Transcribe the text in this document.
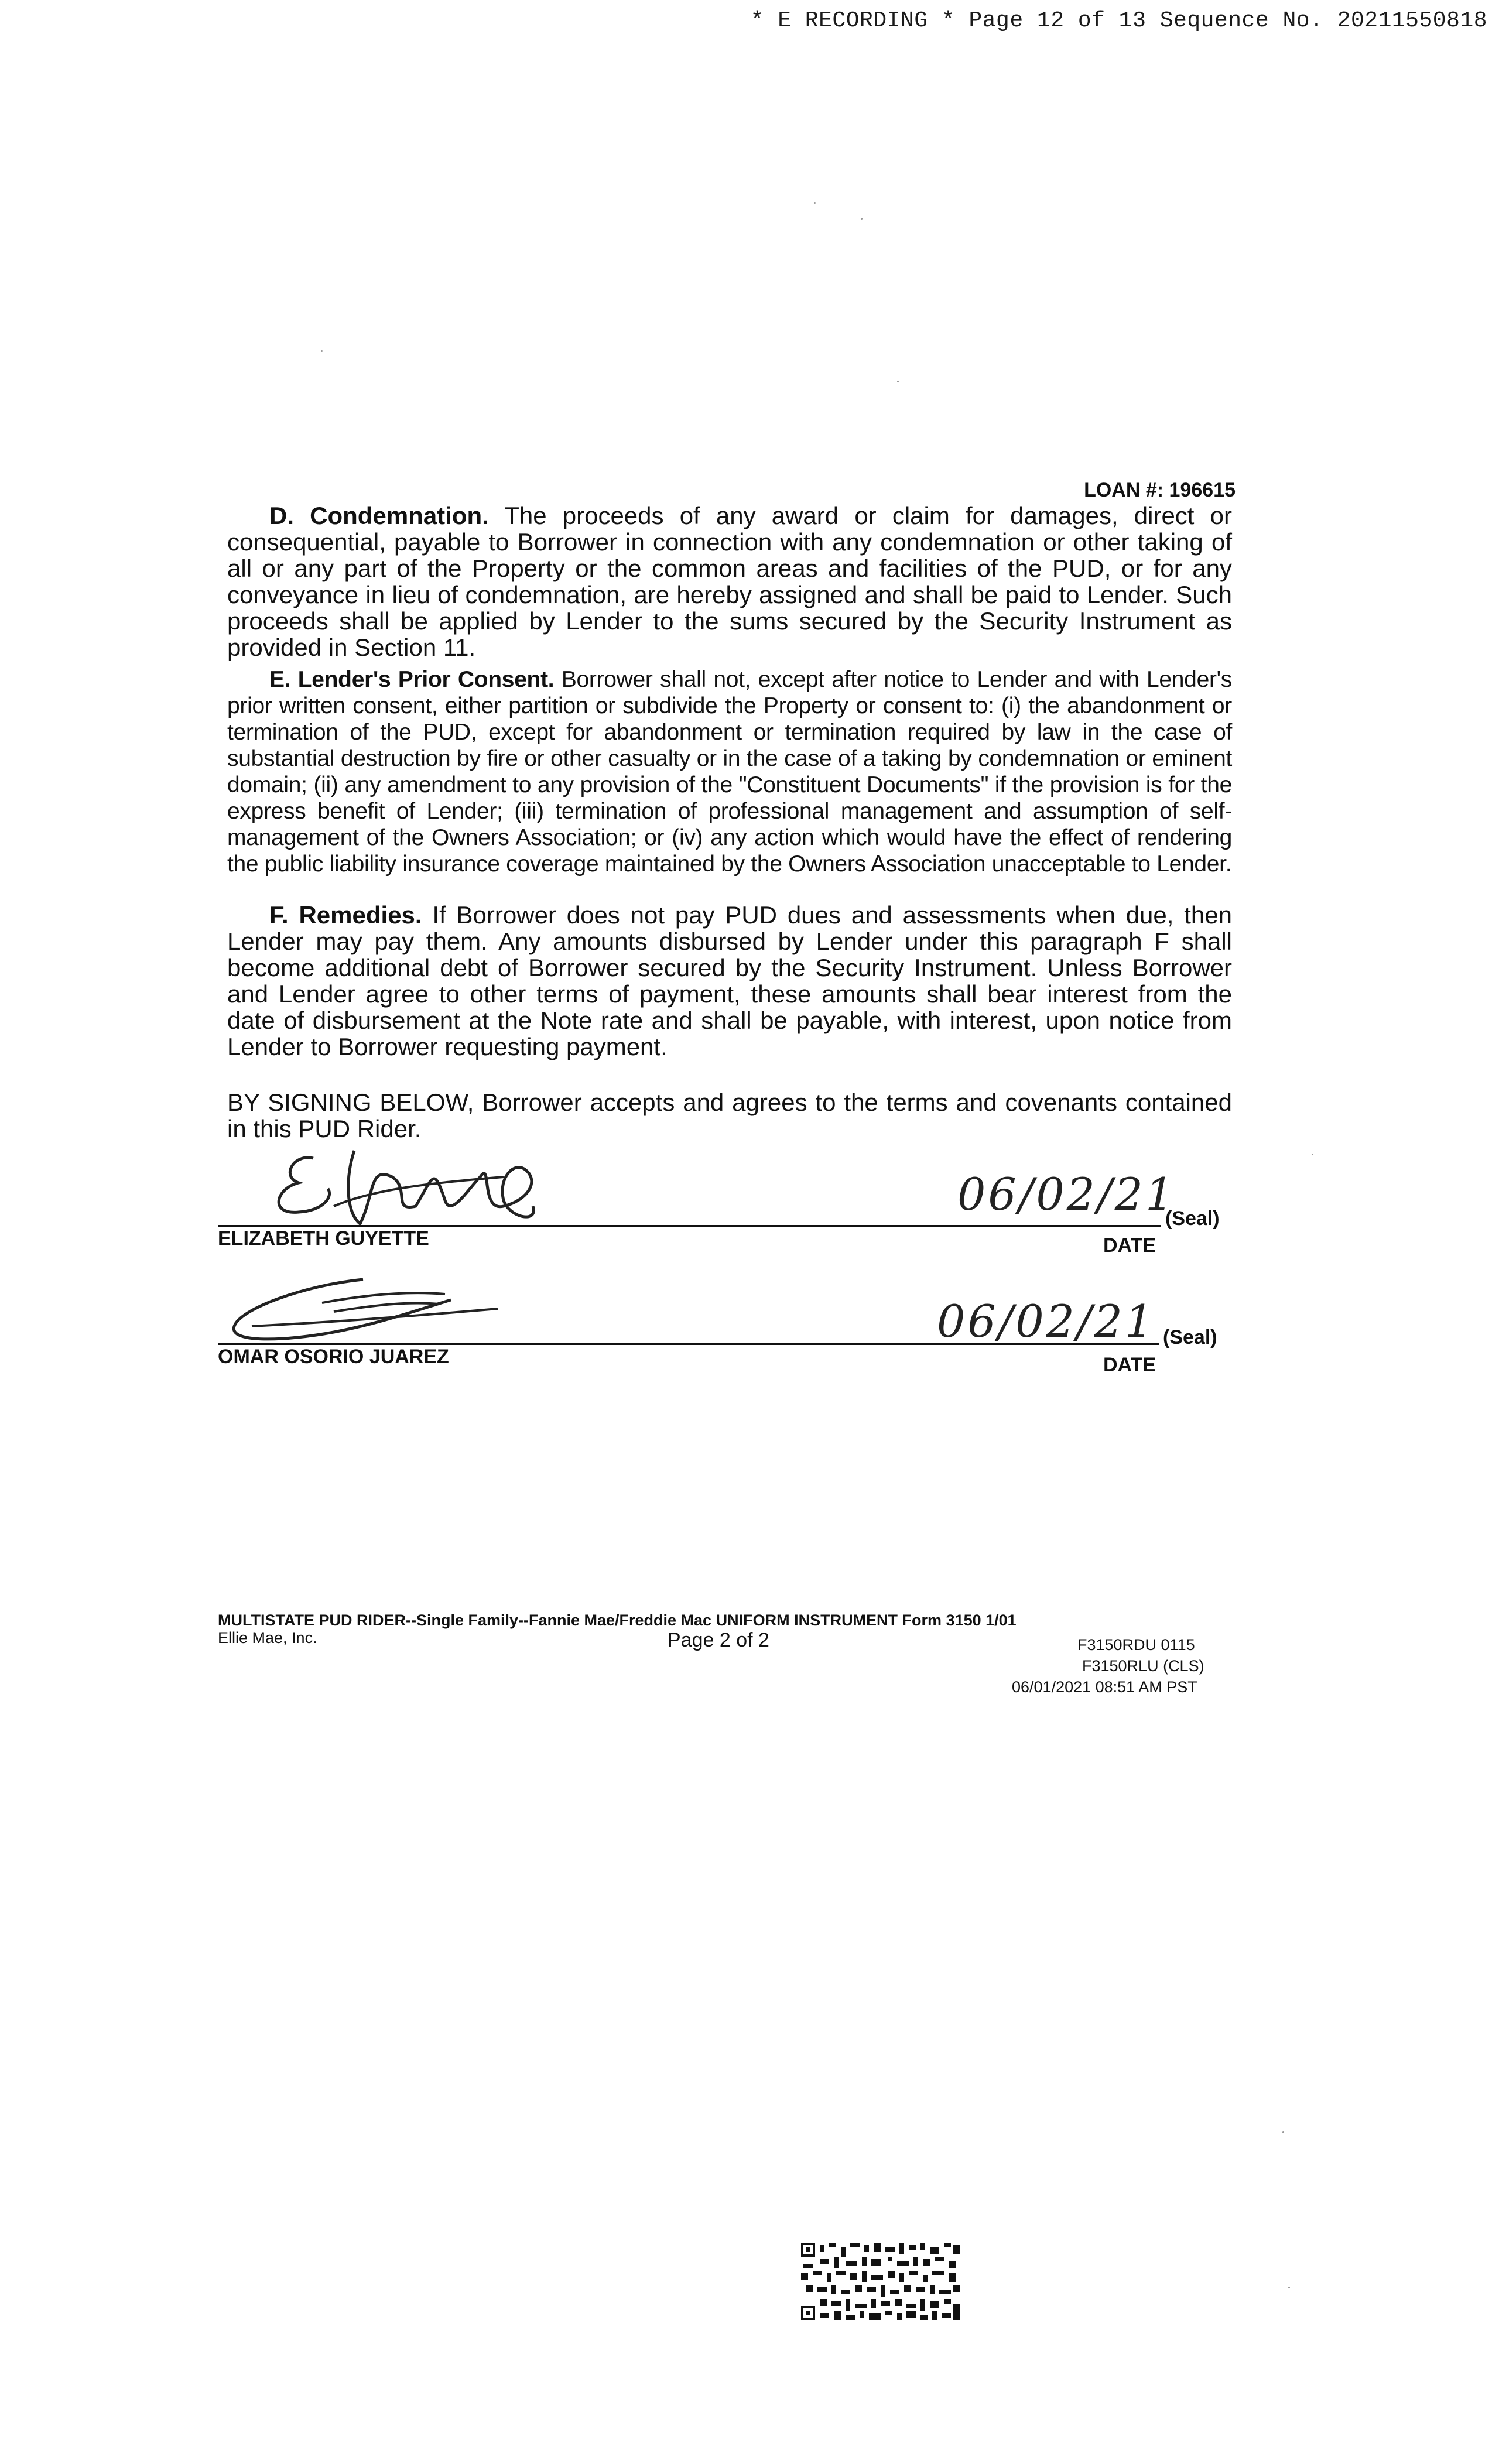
* E RECORDING * Page 12 of 13 Sequence No. 20211550818
LOAN #: 196615

D. Condemnation. The proceeds of any award or claim for damages, direct or consequential, payable to Borrower in connection with any condemnation or other taking of all or any part of the Property or the common areas and facilities of the PUD, or for any conveyance in lieu of condemnation, are hereby assigned and shall be paid to Lender. Such proceeds shall be applied by Lender to the sums secured by the Security Instrument as provided in Section 11.

E. Lender's Prior Consent. Borrower shall not, except after notice to Lender and with Lender's prior written consent, either partition or subdivide the Property or consent to: (i) the abandonment or termination of the PUD, except for abandonment or termination required by law in the case of substantial destruction by fire or other casualty or in the case of a taking by condemnation or eminent domain; (ii) any amendment to any provision of the "Constituent Documents" if the provision is for the express benefit of Lender; (iii) termination of professional management and assumption of self-management of the Owners Association; or (iv) any action which would have the effect of rendering the public liability insurance coverage maintained by the Owners Association unacceptable to Lender.

F. Remedies. If Borrower does not pay PUD dues and assessments when due, then Lender may pay them. Any amounts disbursed by Lender under this paragraph F shall become additional debt of Borrower secured by the Security Instrument. Unless Borrower and Lender agree to other terms of payment, these amounts shall bear interest from the date of disbursement at the Note rate and shall be payable, with interest, upon notice from Lender to Borrower requesting payment.

BY SIGNING BELOW, Borrower accepts and agrees to the terms and covenants contained in this PUD Rider.
06/02/21
(Seal)
ELIZABETH GUYETTE	DATE
06/02/21 (Seal)
OMAR OSORIO JUAREZ	DATE
MULTISTATE PUD RIDER--Single Family--Fannie Mae/Freddie Mac UNIFORM INSTRUMENT Form 3150 1/01
Ellie Mae, Inc.	Page 2 of 2	F3150RDU 0115
F3150RLU (CLS)
06/01/2021 08:51 AM PST
